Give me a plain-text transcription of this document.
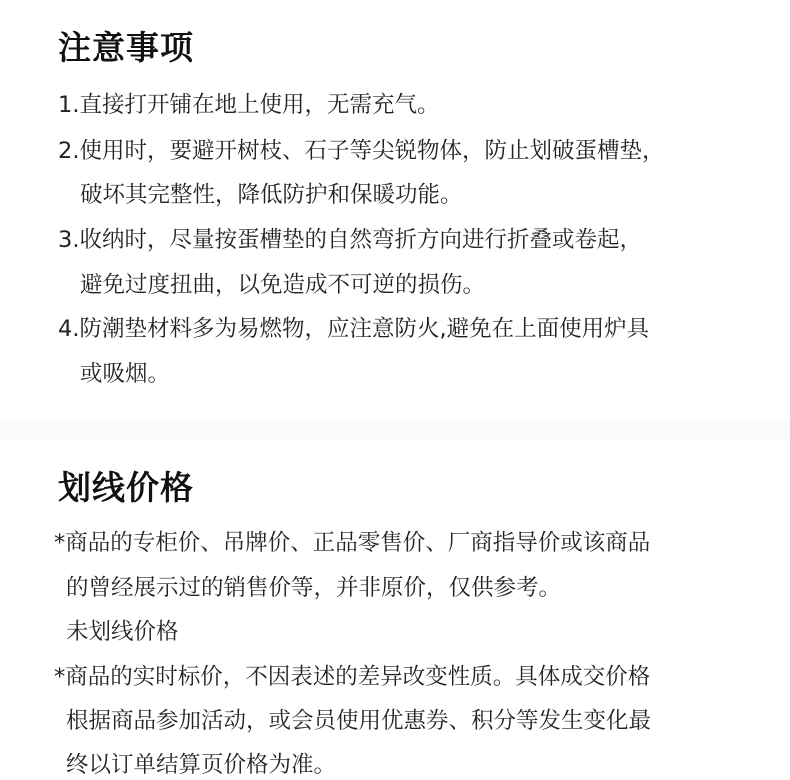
注意事项
1.直接打开铺在地上使用，无需充气。
2.使用时，要避开树枝、石子等尖锐物体，防止划破蛋槽垫，
破坏其完整性，降低防护和保暖功能。
3.收纳时，尽量按蛋槽垫的自然弯折方向进行折叠或卷起，
避免过度扭曲，以免造成不可逆的损伤。
4.防潮垫材料多为易燃物，应注意防火,避免在上面使用炉具
或吸烟。
划线价格
*商品的专柜价、吊牌价、正品零售价、厂商指导价或该商品
的曾经展示过的销售价等，并非原价，仅供参考。
未划线价格
*商品的实时标价，不因表述的差异改变性质。具体成交价格
根据商品参加活动，或会员使用优惠券、积分等发生变化最
终以订单结算页价格为准。
